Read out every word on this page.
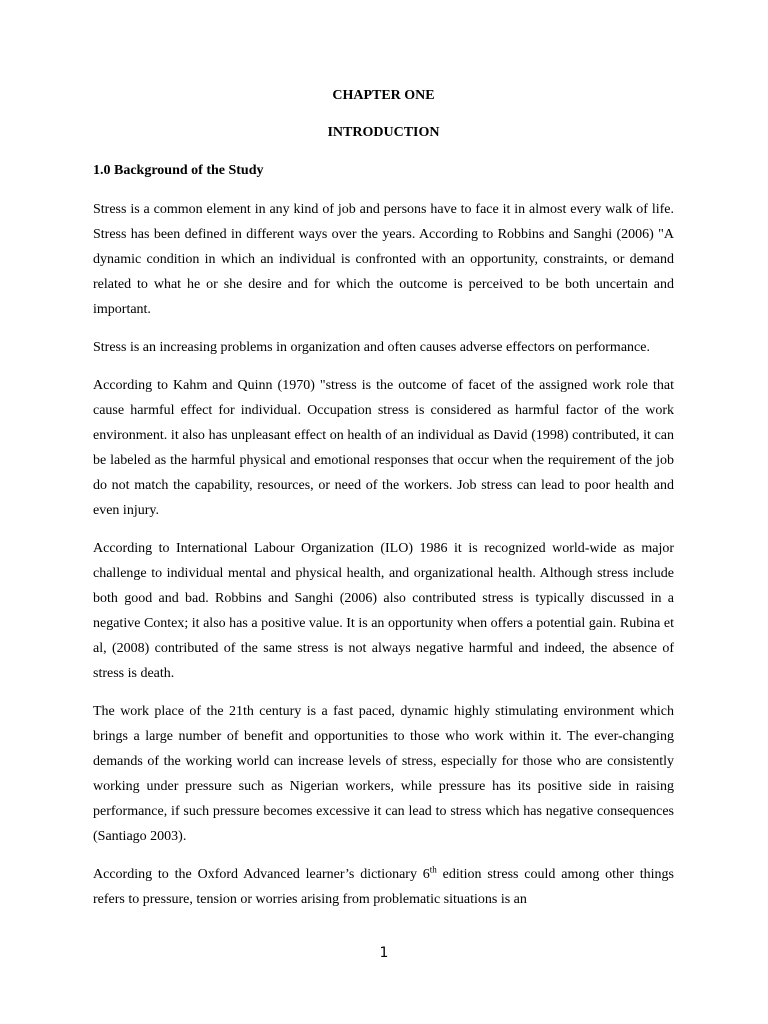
CHAPTER ONE
INTRODUCTION
1.0 Background of the Study

Stress is a common element in any kind of job and persons have to face it in almost every walk of life. Stress has been defined in different ways over the years. According to Robbins and Sanghi (2006) "A dynamic condition in which an individual is confronted with an opportunity, constraints, or demand related to what he or she desire and for which the outcome is perceived to be both uncertain and important.

Stress is an increasing problems in organization and often causes adverse effectors on performance.

According to Kahm and Quinn (1970) "stress is the outcome of facet of the assigned work role that cause harmful effect for individual. Occupation stress is considered as harmful factor of the work environment. it also has unpleasant effect on health of an individual as David (1998) contributed, it can be labeled as the harmful physical and emotional responses that occur when the requirement of the job do not match the capability, resources, or need of the workers. Job stress can lead to poor health and even injury.

According to International Labour Organization (ILO) 1986 it is recognized world-wide as major challenge to individual mental and physical health, and organizational health. Although stress include both good and bad. Robbins and Sanghi (2006) also contributed stress is typically discussed in a negative Contex; it also has a positive value. It is an opportunity when offers a potential gain. Rubina et al, (2008) contributed of the same stress is not always negative harmful and indeed, the absence of stress is death.

The work place of the 21th century is a fast paced, dynamic highly stimulating environment which brings a large number of benefit and opportunities to those who work within it. The ever-changing demands of the working world can increase levels of stress, especially for those who are consistently working under pressure such as Nigerian workers, while pressure has its positive side in raising performance, if such pressure becomes excessive it can lead to stress which has negative consequences (Santiago 2003).

According to the Oxford Advanced learner’s dictionary 6th edition stress could among other things refers to pressure, tension or worries arising from problematic situations is an

1
